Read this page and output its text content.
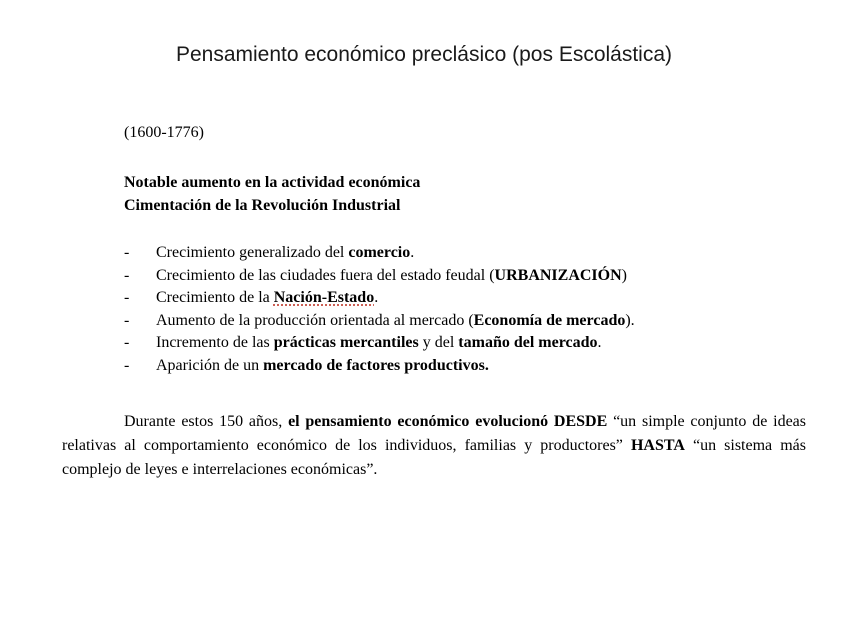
Pensamiento económico preclásico (pos Escolástica)
(1600-1776)
Notable aumento en la actividad económica
Cimentación de la Revolución Industrial
- Crecimiento generalizado del comercio.
- Crecimiento de las ciudades fuera del estado feudal (URBANIZACIÓN)
- Crecimiento de la Nación-Estado.
- Aumento de la producción orientada al mercado (Economía de mercado).
- Incremento de las prácticas mercantiles y del tamaño del mercado.
- Aparición de un mercado de factores productivos.

Durante estos 150 años, el pensamiento económico evolucionó DESDE “un simple conjunto de ideas relativas al comportamiento económico de los individuos, familias y productores” HASTA “un sistema más complejo de leyes e interrelaciones económicas”.
